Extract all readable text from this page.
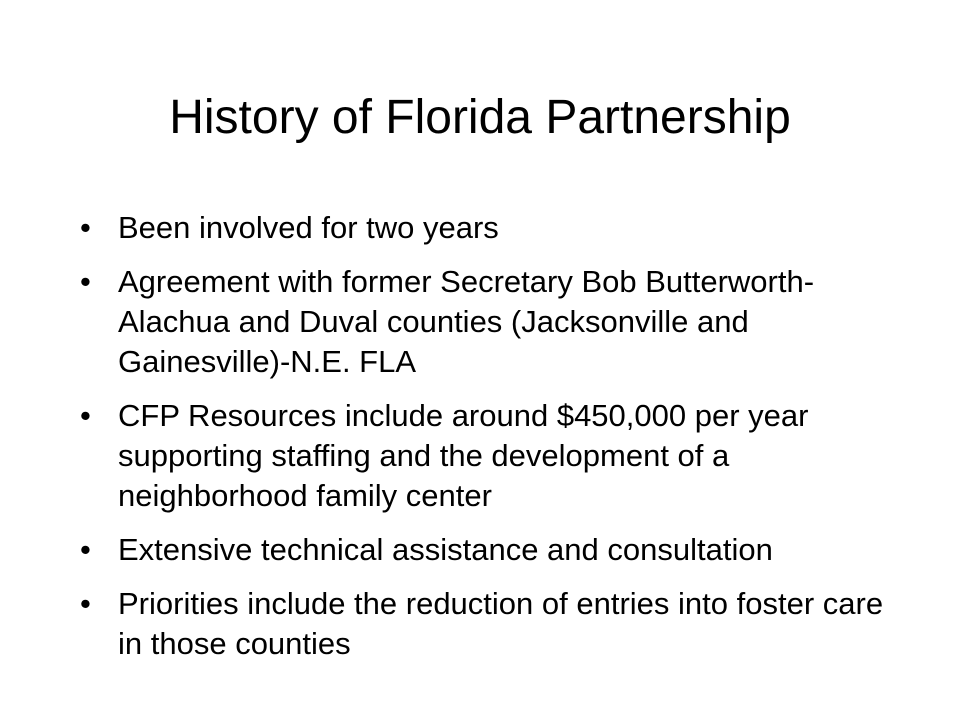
History of Florida Partnership
• Been involved for two years
• Agreement with former Secretary Bob Butterworth- Alachua and Duval counties (Jacksonville and Gainesville)-N.E. FLA
• CFP Resources include around $450,000 per year supporting staffing and the development of a neighborhood family center
• Extensive technical assistance and consultation
• Priorities include the reduction of entries into foster care in those counties
